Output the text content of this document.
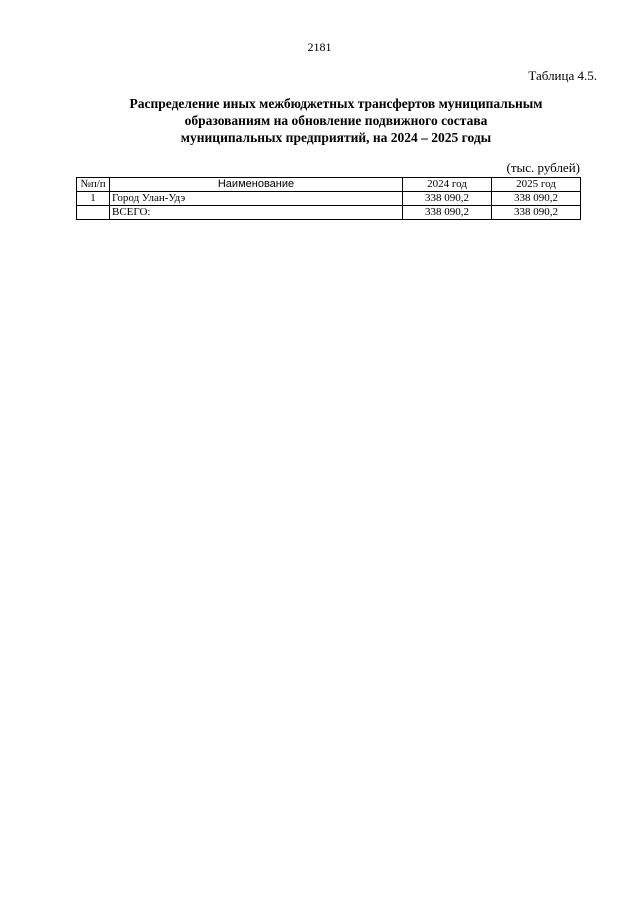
2181
Таблица 4.5.
Распределение иных межбюджетных трансфертов муниципальным
образованиям на обновление подвижного состава
муниципальных предприятий, на 2024 – 2025 годы
(тыс. рублей)
№п/п	Наименование	2024 год	2025 год
1	Город Улан-Удэ	338 090,2	338 090,2
	ВСЕГО:	338 090,2	338 090,2
